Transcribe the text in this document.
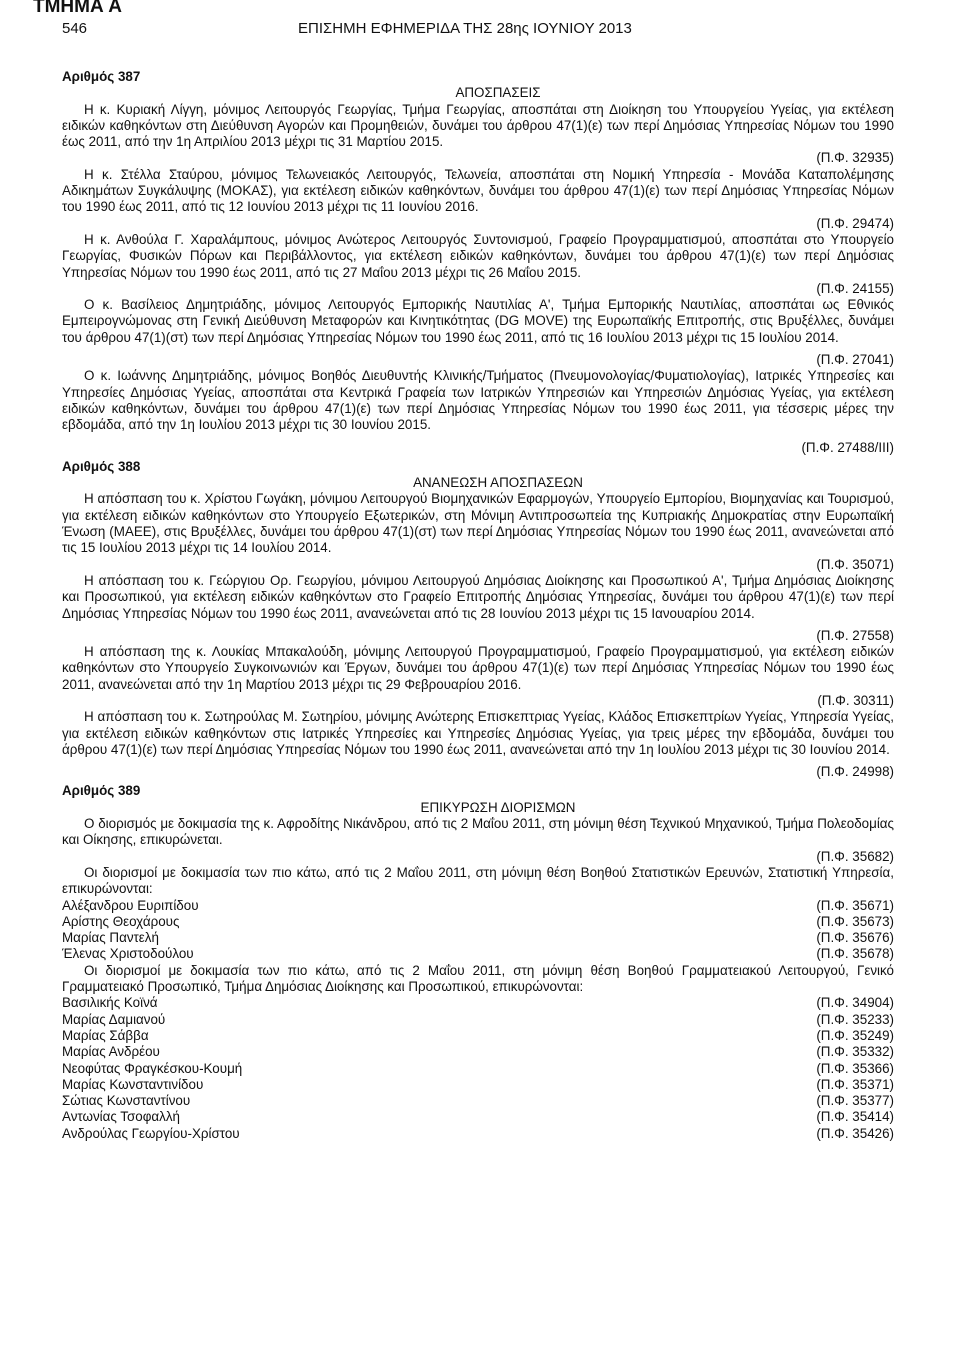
ΤΜΗΜΑ Α
546	ΕΠΙΣΗΜΗ ΕΦΗΜΕΡΙΔΑ ΤΗΣ 28ης ΙΟΥΝΙΟΥ 2013

Αριθμός 387

ΑΠΟΣΠΑΣΕΙΣ

Η κ. Κυριακή Λίγγη, μόνιμος Λειτουργός Γεωργίας, Τμήμα Γεωργίας, αποσπάται στη Διοίκηση του Υπουργείου Υγείας, για εκτέλεση ειδικών καθηκόντων στη Διεύθυνση Αγορών και Προμηθειών, δυνάμει του άρθρου 47(1)(ε) των περί Δημόσιας Υπηρεσίας Νόμων του 1990 έως 2011, από την 1η Απριλίου 2013 μέχρι τις 31 Μαρτίου 2015.

(Π.Φ. 32935)

Η κ. Στέλλα Σταύρου, μόνιμος Τελωνειακός Λειτουργός, Τελωνεία, αποσπάται στη Νομική Υπηρεσία - Μονάδα Καταπολέμησης Αδικημάτων Συγκάλυψης (ΜΟΚΑΣ), για εκτέλεση ειδικών καθηκόντων, δυνάμει του άρθρου 47(1)(ε) των περί Δημόσιας Υπηρεσίας Νόμων του 1990 έως 2011, από τις 12 Ιουνίου 2013 μέχρι τις 11 Ιουνίου 2016.

(Π.Φ. 29474)

Η κ. Ανθούλα Γ. Χαραλάμπους, μόνιμος Ανώτερος Λειτουργός Συντονισμού, Γραφείο Προγραμματισμού, αποσπάται στο Υπουργείο Γεωργίας, Φυσικών Πόρων και Περιβάλλοντος, για εκτέλεση ειδικών καθηκόντων, δυνάμει του άρθρου 47(1)(ε) των περί Δημόσιας Υπηρεσίας Νόμων του 1990 έως 2011, από τις 27 Μαΐου 2013 μέχρι τις 26 Μαΐου 2015.

(Π.Φ. 24155)

Ο κ. Βασίλειος Δημητριάδης, μόνιμος Λειτουργός Εμπορικής Ναυτιλίας Α', Τμήμα Εμπορικής Ναυτιλίας, αποσπάται ως Εθνικός Εμπειρογνώμονας στη Γενική Διεύθυνση Μεταφορών και Κινητικότητας (DG MOVE) της Ευρωπαϊκής Επιτροπής, στις Βρυξέλλες, δυνάμει του άρθρου 47(1)(στ) των περί Δημόσιας Υπηρεσίας Νόμων του 1990 έως 2011, από τις 16 Ιουλίου 2013 μέχρι τις 15 Ιουλίου 2014.

(Π.Φ. 27041)

Ο κ. Ιωάννης Δημητριάδης, μόνιμος Βοηθός Διευθυντής Κλινικής/Τμήματος (Πνευμονολογίας/Φυματιολογίας), Ιατρικές Υπηρεσίες και Υπηρεσίες Δημόσιας Υγείας, αποσπάται στα Κεντρικά Γραφεία των Ιατρικών Υπηρεσιών και Υπηρεσιών Δημόσιας Υγείας, για εκτέλεση ειδικών καθηκόντων, δυνάμει του άρθρου 47(1)(ε) των περί Δημόσιας Υπηρεσίας Νόμων του 1990 έως 2011, για τέσσερις μέρες την εβδομάδα, από την 1η Ιουλίου 2013 μέχρι τις 30 Ιουνίου 2015.

(Π.Φ. 27488/ΙΙΙ)

Αριθμός 388

ΑΝΑΝΕΩΣΗ ΑΠΟΣΠΑΣΕΩΝ

Η απόσπαση του κ. Χρίστου Γωγάκη, μόνιμου Λειτουργού Βιομηχανικών Εφαρμογών, Υπουργείο Εμπορίου, Βιομηχανίας και Τουρισμού, για εκτέλεση ειδικών καθηκόντων στο Υπουργείο Εξωτερικών, στη Μόνιμη Αντιπροσωπεία της Κυπριακής Δημοκρατίας στην Ευρωπαϊκή Ένωση (ΜΑΕΕ), στις Βρυξέλλες, δυνάμει του άρθρου 47(1)(στ) των περί Δημόσιας Υπηρεσίας Νόμων του 1990 έως 2011, ανανεώνεται από τις 15 Ιουλίου 2013 μέχρι τις 14 Ιουλίου 2014.

(Π.Φ. 35071)

Η απόσπαση του κ. Γεώργιου Ορ. Γεωργίου, μόνιμου Λειτουργού Δημόσιας Διοίκησης και Προσωπικού Α', Τμήμα Δημόσιας Διοίκησης και Προσωπικού, για εκτέλεση ειδικών καθηκόντων στο Γραφείο Επιτροπής Δημόσιας Υπηρεσίας, δυνάμει του άρθρου 47(1)(ε) των περί Δημόσιας Υπηρεσίας Νόμων του 1990 έως 2011, ανανεώνεται από τις 28 Ιουνίου 2013 μέχρι τις 15 Ιανουαρίου 2014.

(Π.Φ. 27558)

Η απόσπαση της κ. Λουκίας Μπακαλούδη, μόνιμης Λειτουργού Προγραμματισμού, Γραφείο Προγραμματισμού, για εκτέλεση ειδικών καθηκόντων στο Υπουργείο Συγκοινωνιών και Έργων, δυνάμει του άρθρου 47(1)(ε) των περί Δημόσιας Υπηρεσίας Νόμων του 1990 έως 2011, ανανεώνεται από την 1η Μαρτίου 2013 μέχρι τις 29 Φεβρουαρίου 2016.

(Π.Φ. 30311)

Η απόσπαση του κ. Σωτηρούλας Μ. Σωτηρίου, μόνιμης Ανώτερης Επισκεπτριας Υγείας, Κλάδος Επισκεπτρίων Υγείας, Υπηρεσία Υγείας, για εκτέλεση ειδικών καθηκόντων στις Ιατρικές Υπηρεσίες και Υπηρεσίες Δημόσιας Υγείας, για τρεις μέρες την εβδομάδα, δυνάμει του άρθρου 47(1)(ε) των περί Δημόσιας Υπηρεσίας Νόμων του 1990 έως 2011, ανανεώνεται από την 1η Ιουλίου 2013 μέχρι τις 30 Ιουνίου 2014.

(Π.Φ. 24998)

Αριθμός 389

ΕΠΙΚΥΡΩΣΗ ΔΙΟΡΙΣΜΩΝ

Ο διορισμός με δοκιμασία της κ. Αφροδίτης Νικάνδρου, από τις 2 Μαΐου 2011, στη μόνιμη θέση Τεχνικού Μηχανικού, Τμήμα Πολεοδομίας και Οίκησης, επικυρώνεται.

(Π.Φ. 35682)

Οι διορισμοί με δοκιμασία των πιο κάτω, από τις 2 Μαΐου 2011, στη μόνιμη θέση Βοηθού Στατιστικών Ερευνών, Στατιστική Υπηρεσία, επικυρώνονται:

Αλέξανδρου Ευριπίδου	(Π.Φ. 35671)
Αρίστης Θεοχάρους	(Π.Φ. 35673)
Μαρίας Παντελή	(Π.Φ. 35676)
Έλενας Χριστοδούλου	(Π.Φ. 35678)

Οι διορισμοί με δοκιμασία των πιο κάτω, από τις 2 Μαΐου 2011, στη μόνιμη θέση Βοηθού Γραμματειακού Λειτουργού, Γενικό Γραμματειακό Προσωπικό, Τμήμα Δημόσιας Διοίκησης και Προσωπικού, επικυρώνονται:

Βασιλικής Κοϊνά	(Π.Φ. 34904)
Μαρίας Δαμιανού	(Π.Φ. 35233)
Μαρίας Σάββα	(Π.Φ. 35249)
Μαρίας Ανδρέου	(Π.Φ. 35332)
Νεοφύτας Φραγκέσκου-Κουμή	(Π.Φ. 35366)
Μαρίας Κωνσταντινίδου	(Π.Φ. 35371)
Σώτιας Κωνσταντίνου	(Π.Φ. 35377)
Αντωνίας Τσοφαλλή	(Π.Φ. 35414)
Ανδρούλας Γεωργίου-Χρίστου	(Π.Φ. 35426)
